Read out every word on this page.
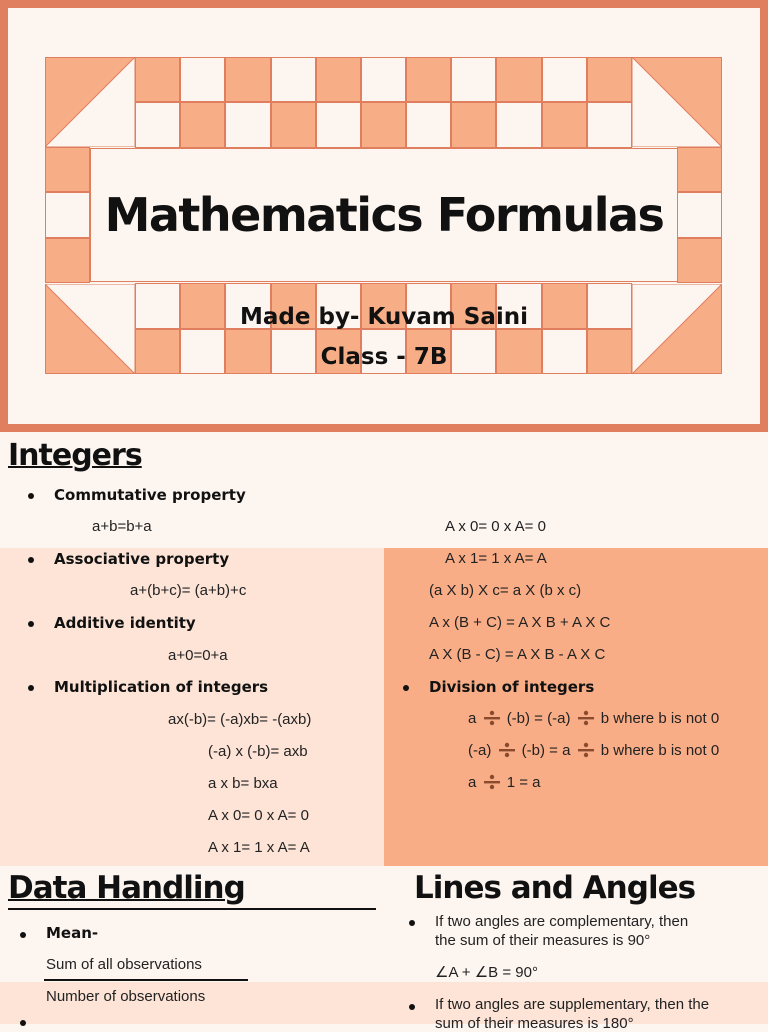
Mathematics Formulas
Made by- Kuvam Saini
Class - 7B
Integers
Commutative property
a+b=b+a
Associative property
a+(b+c)= (a+b)+c
Additive identity
a+0=0+a
Multiplication of integers
ax(-b)= (-a)xb= -(axb)
(-a) x (-b)= axb
a x b= bxa
A x 0= 0 x A= 0
A x 1= 1 x A= A
A x 0= 0 x A= 0
A x 1= 1 x A= A
(a X b) X c= a X (b x c)
A x (B + C) = A X B + A X C
A X (B - C) = A X B - A X C
Division of integers
a (-b) = (-a) b where b is not 0
(-a) (-b) = a b where b is not 0
a 1 = a
Data Handling
Mean-
Sum of all observations
Number of observations
Lines and Angles
If two angles are complementary, then
the sum of their measures is 90°
∠A + ∠B = 90°
If two angles are supplementary, then the
sum of their measures is 180°
